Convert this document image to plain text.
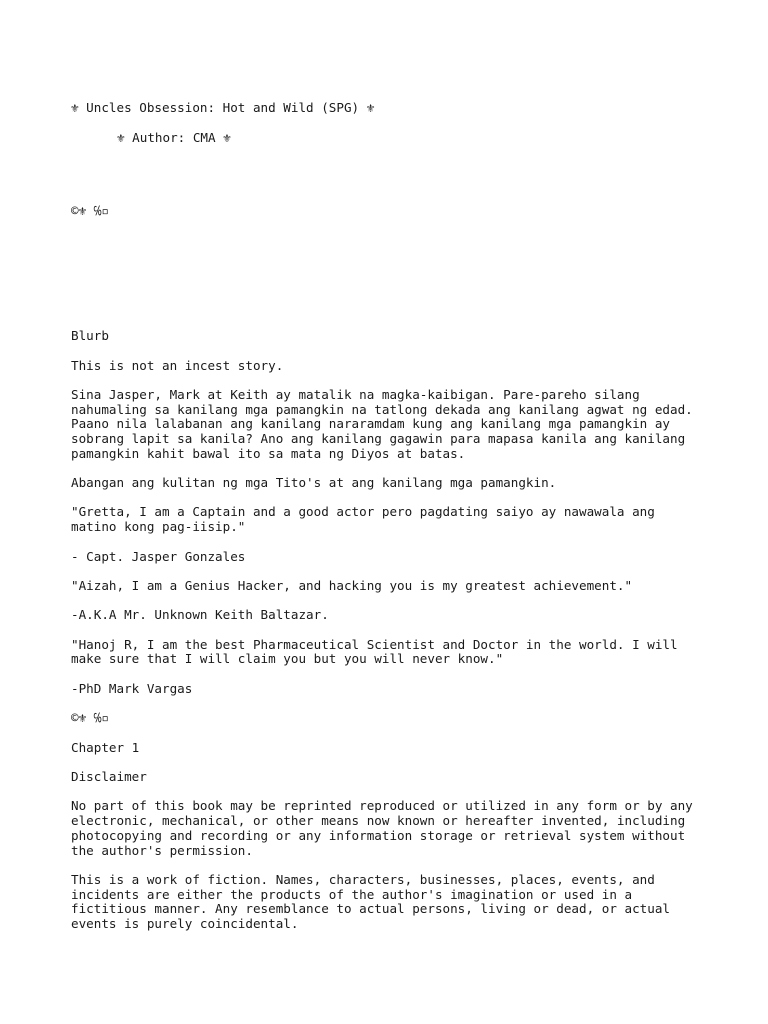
⚜ Uncles Obsession: Hot and Wild (SPG) ⚜

⚜ Author: CMA ⚜

©⚜ ℅▫

Blurb

This is not an incest story.

Sina Jasper, Mark at Keith ay matalik na magka-kaibigan. Pare-pareho silang
nahumaling sa kanilang mga pamangkin na tatlong dekada ang kanilang agwat ng edad.
Paano nila lalabanan ang kanilang nararamdam kung ang kanilang mga pamangkin ay
sobrang lapit sa kanila? Ano ang kanilang gagawin para mapasa kanila ang kanilang
pamangkin kahit bawal ito sa mata ng Diyos at batas.

Abangan ang kulitan ng mga Tito's at ang kanilang mga pamangkin.

"Gretta, I am a Captain and a good actor pero pagdating saiyo ay nawawala ang
matino kong pag-iisip."

- Capt. Jasper Gonzales

"Aizah, I am a Genius Hacker, and hacking you is my greatest achievement."

-A.K.A Mr. Unknown Keith Baltazar.

"Hanoj R, I am the best Pharmaceutical Scientist and Doctor in the world. I will
make sure that I will claim you but you will never know."

-PhD Mark Vargas

©⚜ ℅▫

Chapter 1

Disclaimer

No part of this book may be reprinted reproduced or utilized in any form or by any
electronic, mechanical, or other means now known or hereafter invented, including
photocopying and recording or any information storage or retrieval system without
the author's permission.

This is a work of fiction. Names, characters, businesses, places, events, and
incidents are either the products of the author's imagination or used in a
fictitious manner. Any resemblance to actual persons, living or dead, or actual
events is purely coincidental.
